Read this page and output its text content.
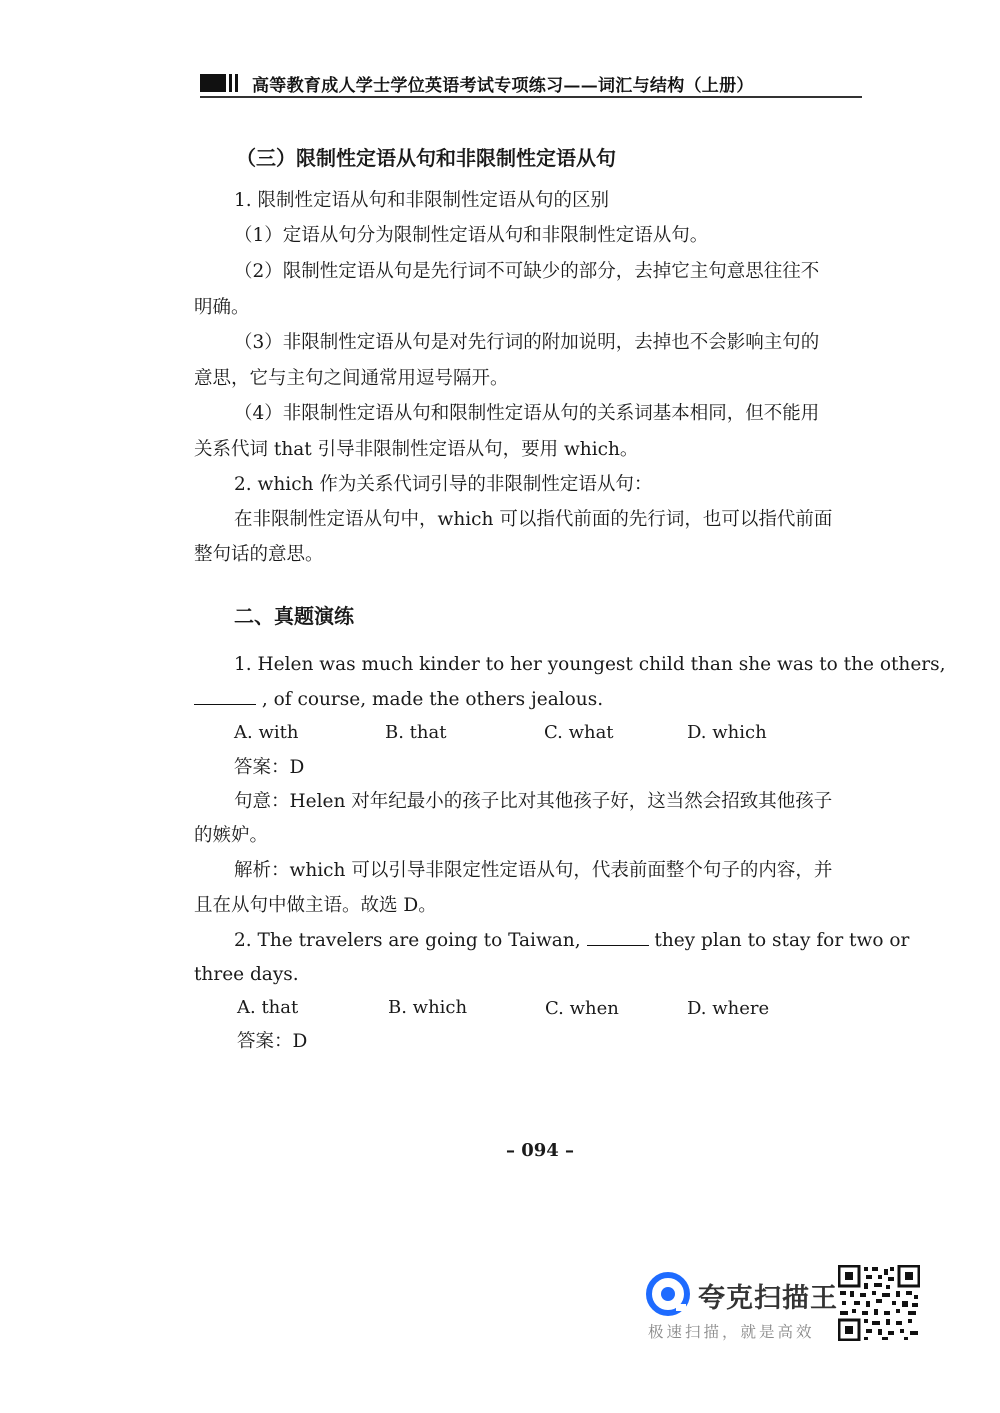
高等教育成人学士学位英语考试专项练习——词汇与结构（上册）
（三）限制性定语从句和非限制性定语从句
1. 限制性定语从句和非限制性定语从句的区别
（1）定语从句分为限制性定语从句和非限制性定语从句。
（2）限制性定语从句是先行词不可缺少的部分，去掉它主句意思往往不
明确。
（3）非限制性定语从句是对先行词的附加说明，去掉也不会影响主句的
意思，它与主句之间通常用逗号隔开。
（4）非限制性定语从句和限制性定语从句的关系词基本相同，但不能用
关系代词 that 引导非限制性定语从句，要用 which。
2. which 作为关系代词引导的非限制性定语从句：
在非限制性定语从句中，which 可以指代前面的先行词，也可以指代前面
整句话的意思。
二、真题演练
1. Helen was much kinder to her youngest child than she was to the others,
, of course, made the others jealous.
A. with	B. that	C. what	D. which
答案：D
句意：Helen 对年纪最小的孩子比对其他孩子好，这当然会招致其他孩子
的嫉妒。
解析：which 可以引导非限定性定语从句，代表前面整个句子的内容，并
且在从句中做主语。故选 D。
2. The travelers are going to Taiwan,	they plan to stay for two or
three days.
A. that	B. which	C. when	D. where
答案：D
– 094 –
夸克扫描王
极速扫描，就是高效
